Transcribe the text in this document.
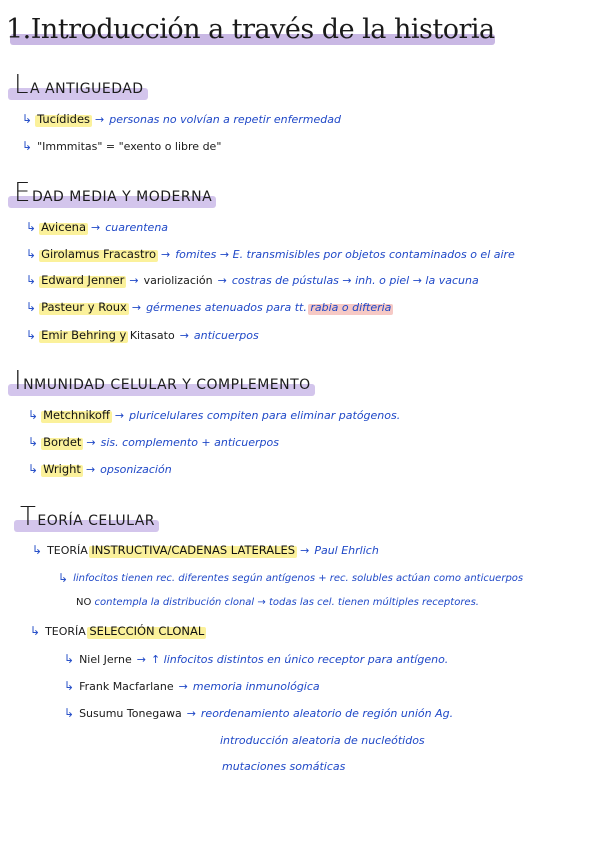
1.Introducción a través de la historia
LA ANTIGUEDAD
↳ Tucídides → personas no volvían a repetir enfermedad
↳ "Immmitas" = "exento o libre de"
EDAD MEDIA Y MODERNA
↳ Avicena → cuarentena
↳ Girolamus Fracastro → fomites → E. transmisibles por objetos contaminados o el aire
↳ Edward Jenner → variolización → costras de pústulas → inh. o piel → la vacuna
↳ Pasteur y Roux → gérmenes atenuados para tt.
rabia o difteria
↳ Emir Behring y
Kitasato → anticuerpos
INMUNIDAD CELULAR Y COMPLEMENTO
↳ Metchnikoff → pluricelulares compiten para eliminar patógenos.
↳ Bordet → sis. complemento + anticuerpos
↳ Wright → opsonización
TEORÍA CELULAR
↳ TEORÍA
INSTRUCTIVA/CADENAS LATERALES → Paul Ehrlich
↳ linfocitos tienen rec. diferentes según antígenos + rec. solubles actúan como anticuerpos
NO
contempla la distribución clonal → todas las cel. tienen múltiples receptores.
↳ TEORÍA
SELECCIÓN CLONAL
↳ Niel Jerne → ↑ linfocitos distintos en único receptor para antígeno.
↳ Frank Macfarlane → memoria inmunológica
↳ Susumu Tonegawa → reordenamiento aleatorio de región unión Ag.
introducción aleatoria de nucleótidos
mutaciones somáticas
